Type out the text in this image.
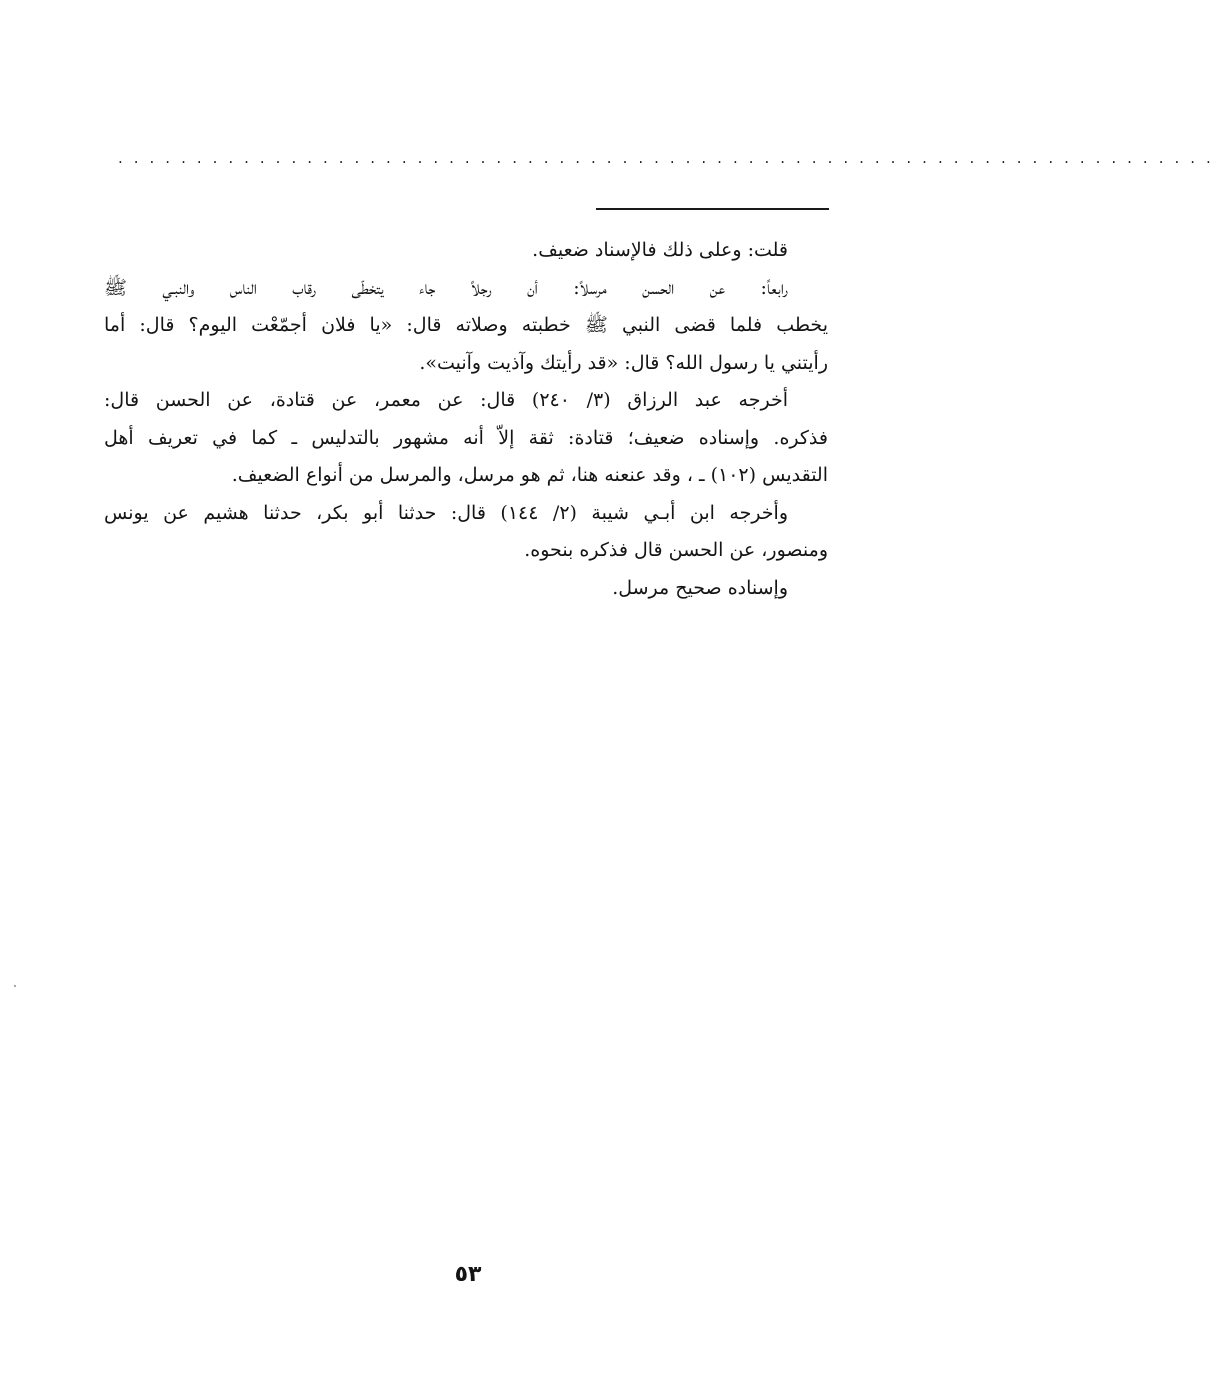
......................................................................

قلت: وعلى ذلك فالإسناد ضعيف.

رابعاً: عن الحسن مرسلاً: أن رجلاً جاء يتخطّى رقاب الناس والنبـي ﷺ
يخطب فلما قضى النبي ﷺ خطبته وصلاته قال: «يا فلان أجمّعْت اليوم؟ قال: أما
رأيتني يا رسول الله؟ قال: «قد رأيتك وآذيت وآنيت».

أخرجه عبد الرزاق (٣/ ٢٤٠) قال: عن معمر، عن قتادة، عن الحسن قال:
فذكره. وإسناده ضعيف؛ قتادة: ثقة إلاّ أنه مشهور بالتدليس ـ كما في تعريف أهل
التقديس (١٠٢) ـ ، وقد عنعنه هنا، ثم هو مرسل، والمرسل من أنواع الضعيف.

وأخرجه ابن أبـي شيبة (٢/ ١٤٤) قال: حدثنا أبو بكر، حدثنا هشيم عن يونس
ومنصور، عن الحسن قال فذكره بنحوه.

وإسناده صحيح مرسل.

٥٣
